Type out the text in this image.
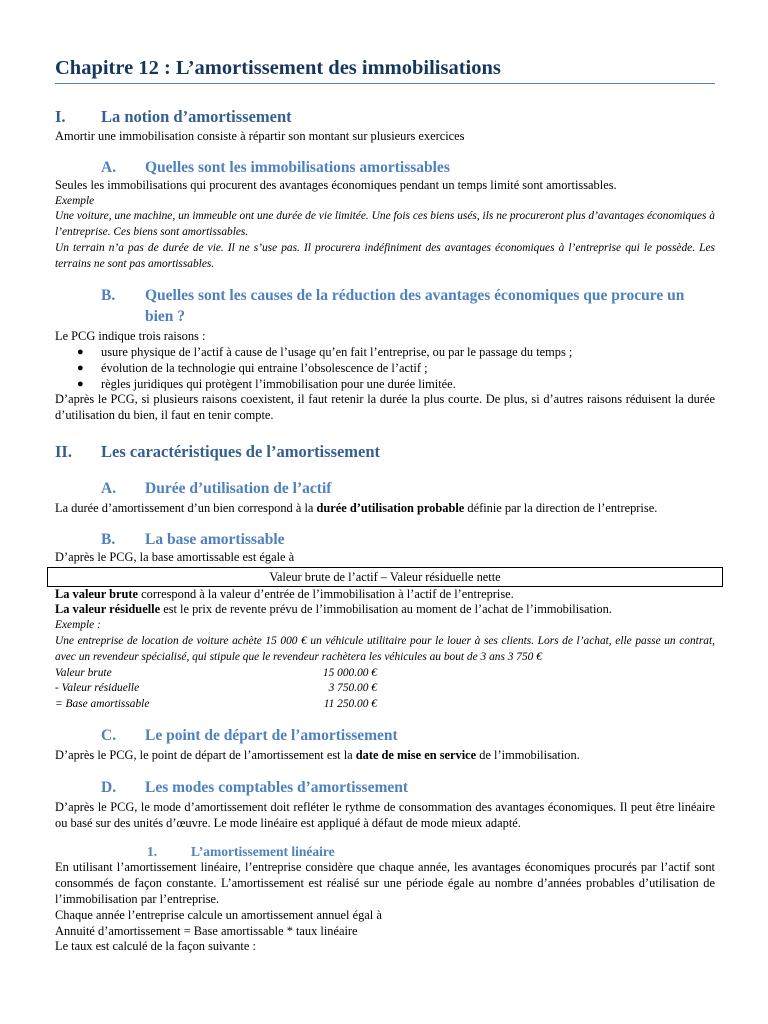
Chapitre 12 : L’amortissement des immobilisations
I. La notion d’amortissement

Amortir une immobilisation consiste à répartir son montant sur plusieurs exercices

A.	Quelles sont les immobilisations amortissables

Seules les immobilisations qui procurent des avantages économiques pendant un temps limité sont amortissables.

Exemple

Une voiture, une machine, un immeuble ont une durée de vie limitée. Une fois ces biens usés, ils ne procureront plus d’avantages économiques à l’entreprise. Ces biens sont amortissables.

Un terrain n’a pas de durée de vie. Il ne s’use pas. Il procurera indéfiniment des avantages économiques à l’entreprise qui le possède. Les terrains ne sont pas amortissables.

B.	Quelles sont les causes de la réduction des avantages économiques que procure un bien ?

Le PCG indique trois raisons :

● usure physique de l’actif à cause de l’usage qu’en fait l’entreprise, ou par le passage du temps ;
● évolution de la technologie qui entraine l’obsolescence de l’actif ;
● règles juridiques qui protègent l’immobilisation pour une durée limitée.

D’après le PCG, si plusieurs raisons coexistent, il faut retenir la durée la plus courte. De plus, si d’autres raisons réduisent la durée d’utilisation du bien, il faut en tenir compte.

II. Les caractéristiques de l’amortissement
A.	Durée d’utilisation de l’actif

La durée d’amortissement d’un bien correspond à la durée d’utilisation probable définie par la direction de l’entreprise.

B.	La base amortissable

D’après le PCG, la base amortissable est égale à

Valeur brute de l’actif – Valeur résiduelle nette

La valeur brute correspond à la valeur d’entrée de l’immobilisation à l’actif de l’entreprise.

La valeur résiduelle est le prix de revente prévu de l’immobilisation au moment de l’achat de l’immobilisation.

Exemple :

Une entreprise de location de voiture achète 15 000 € un véhicule utilitaire pour le louer à ses clients. Lors de l’achat, elle passe un contrat, avec un revendeur spécialisé, qui stipule que le revendeur rachètera les véhicules au bout de 3 ans 3 750 €

Valeur brute	15 000.00 €
- Valeur résiduelle	3 750.00 €
= Base amortissable	11 250.00 €
C.	Le point de départ de l’amortissement

D’après le PCG, le point de départ de l’amortissement est la date de mise en service de l’immobilisation.

D.	Les modes comptables d’amortissement

D’après le PCG, le mode d’amortissement doit refléter le rythme de consommation des avantages économiques. Il peut être linéaire ou basé sur des unités d’œuvre. Le mode linéaire est appliqué à défaut de mode mieux adapté.

1.	L’amortissement linéaire

En utilisant l’amortissement linéaire, l’entreprise considère que chaque année, les avantages économiques procurés par l’actif sont consommés de façon constante. L’amortissement est réalisé sur une période égale au nombre d’années probables d’utilisation de l’immobilisation par l’entreprise.

Chaque année l’entreprise calcule un amortissement annuel égal à

Annuité d’amortissement = Base amortissable * taux linéaire

Le taux est calculé de la façon suivante :
